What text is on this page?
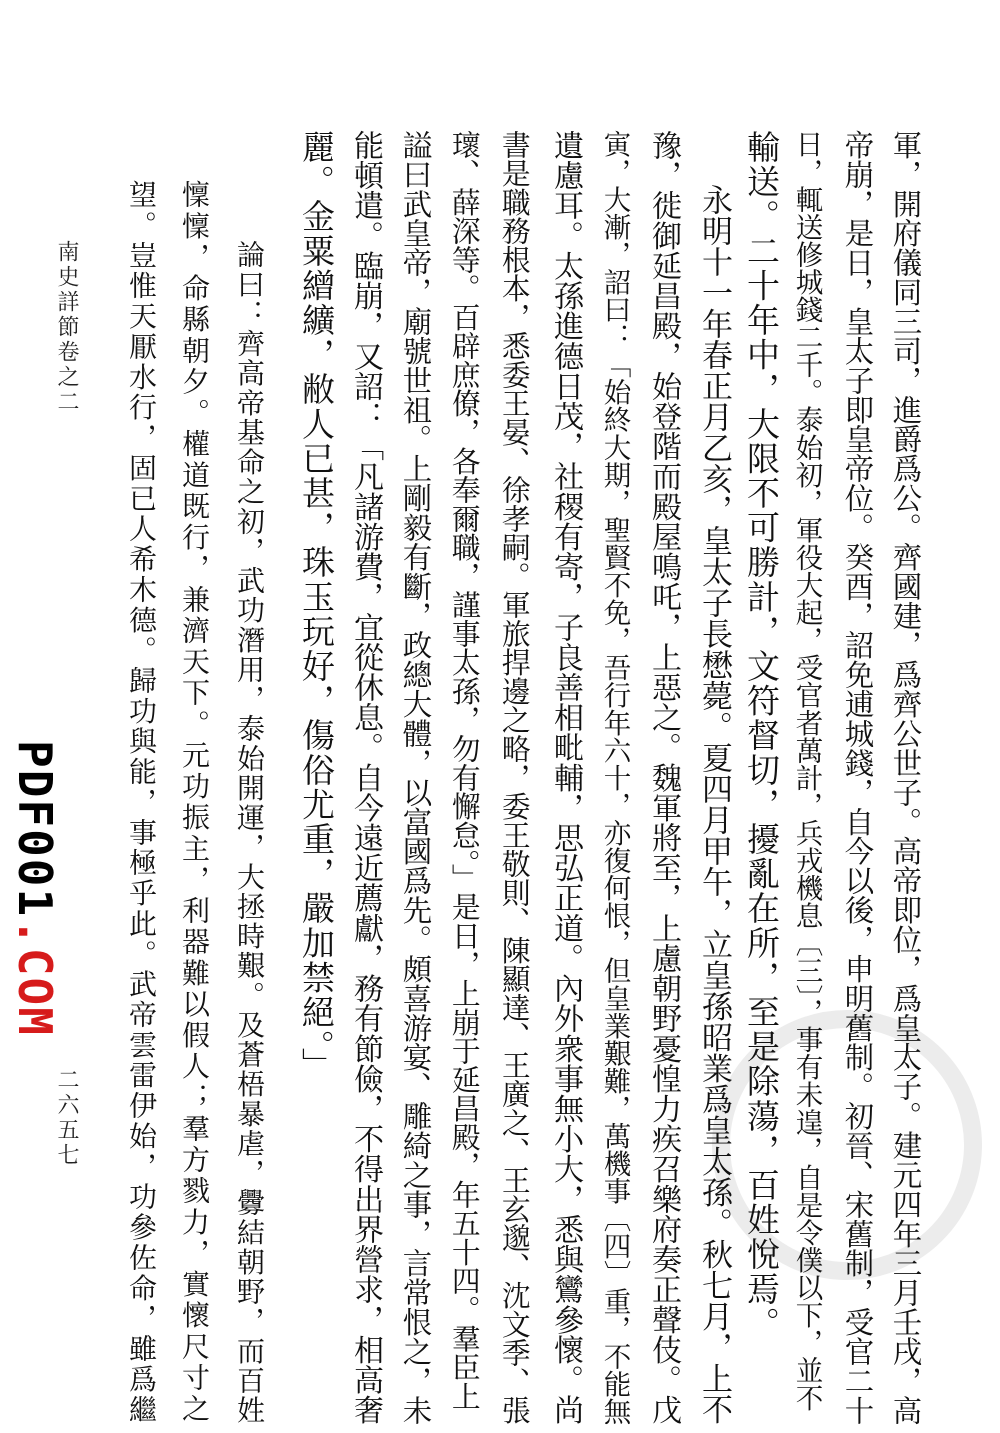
軍，開府儀同三司，進爵爲公。齊國建，爲齊公世子。高帝即位，爲皇太子。建元四年三月壬戌，高
帝崩，是日，皇太子即皇帝位。癸酉，詔免逋城錢，自今以後，申明舊制。初晉、宋舊制，受官二十
日，輒送修城錢二千。泰始初，軍役大起，受官者萬計，兵戎機息〔三〕，事有未遑，自是令僕以下，並不
輸送。二十年中，大限不可勝計，文符督切，擾亂在所，至是除蕩，百姓悅焉。
永明十一年春正月乙亥，皇太子長懋薨。夏四月甲午，立皇孫昭業爲皇太孫。秋七月，上不
豫，徙御延昌殿，始登階而殿屋鳴吒，上惡之。魏軍將至，上慮朝野憂惶力疾召樂府奏正聲伎。戊
寅，大漸，詔曰：「始終大期，聖賢不免，吾行年六十，亦復何恨，但皇業艱難，萬機事〔四〕重，不能無
遺慮耳。太孫進德日茂，社稷有寄，子良善相毗輔，思弘正道。內外衆事無小大，悉與鸞參懷。尚
書是職務根本，悉委王晏、徐孝嗣。軍旅捍邊之略，委王敬則、陳顯達、王廣之、王玄邈、沈文季、張
瓌、薛深等。百辟庶僚，各奉爾職，謹事太孫，勿有懈怠。」是日，上崩于延昌殿，年五十四。羣臣上
謚曰武皇帝，廟號世祖。上剛毅有斷，政總大體，以富國爲先。頗喜游宴、雕綺之事，言常恨之，未
能頓遣。臨崩，又詔：「凡諸游費，宜從休息。自今遠近薦獻，務有節儉，不得出界營求，相高奢
麗。金粟繒纊，敝人已甚，珠玉玩好，傷俗尤重，嚴加禁絕。」
論曰：齊高帝基命之初，武功潛用，泰始開運，大拯時艱。及蒼梧暴虐，釁結朝野，而百姓
懍懍，命縣朝夕。權道既行，兼濟天下。元功振主，利器難以假人；羣方戮力，實懷尺寸之
望。豈惟天厭水行，固已人希木德。歸功與能，事極乎此。武帝雲雷伊始，功參佐命，雖爲繼
南史詳節卷之二
二六五七
PDF001.COM
